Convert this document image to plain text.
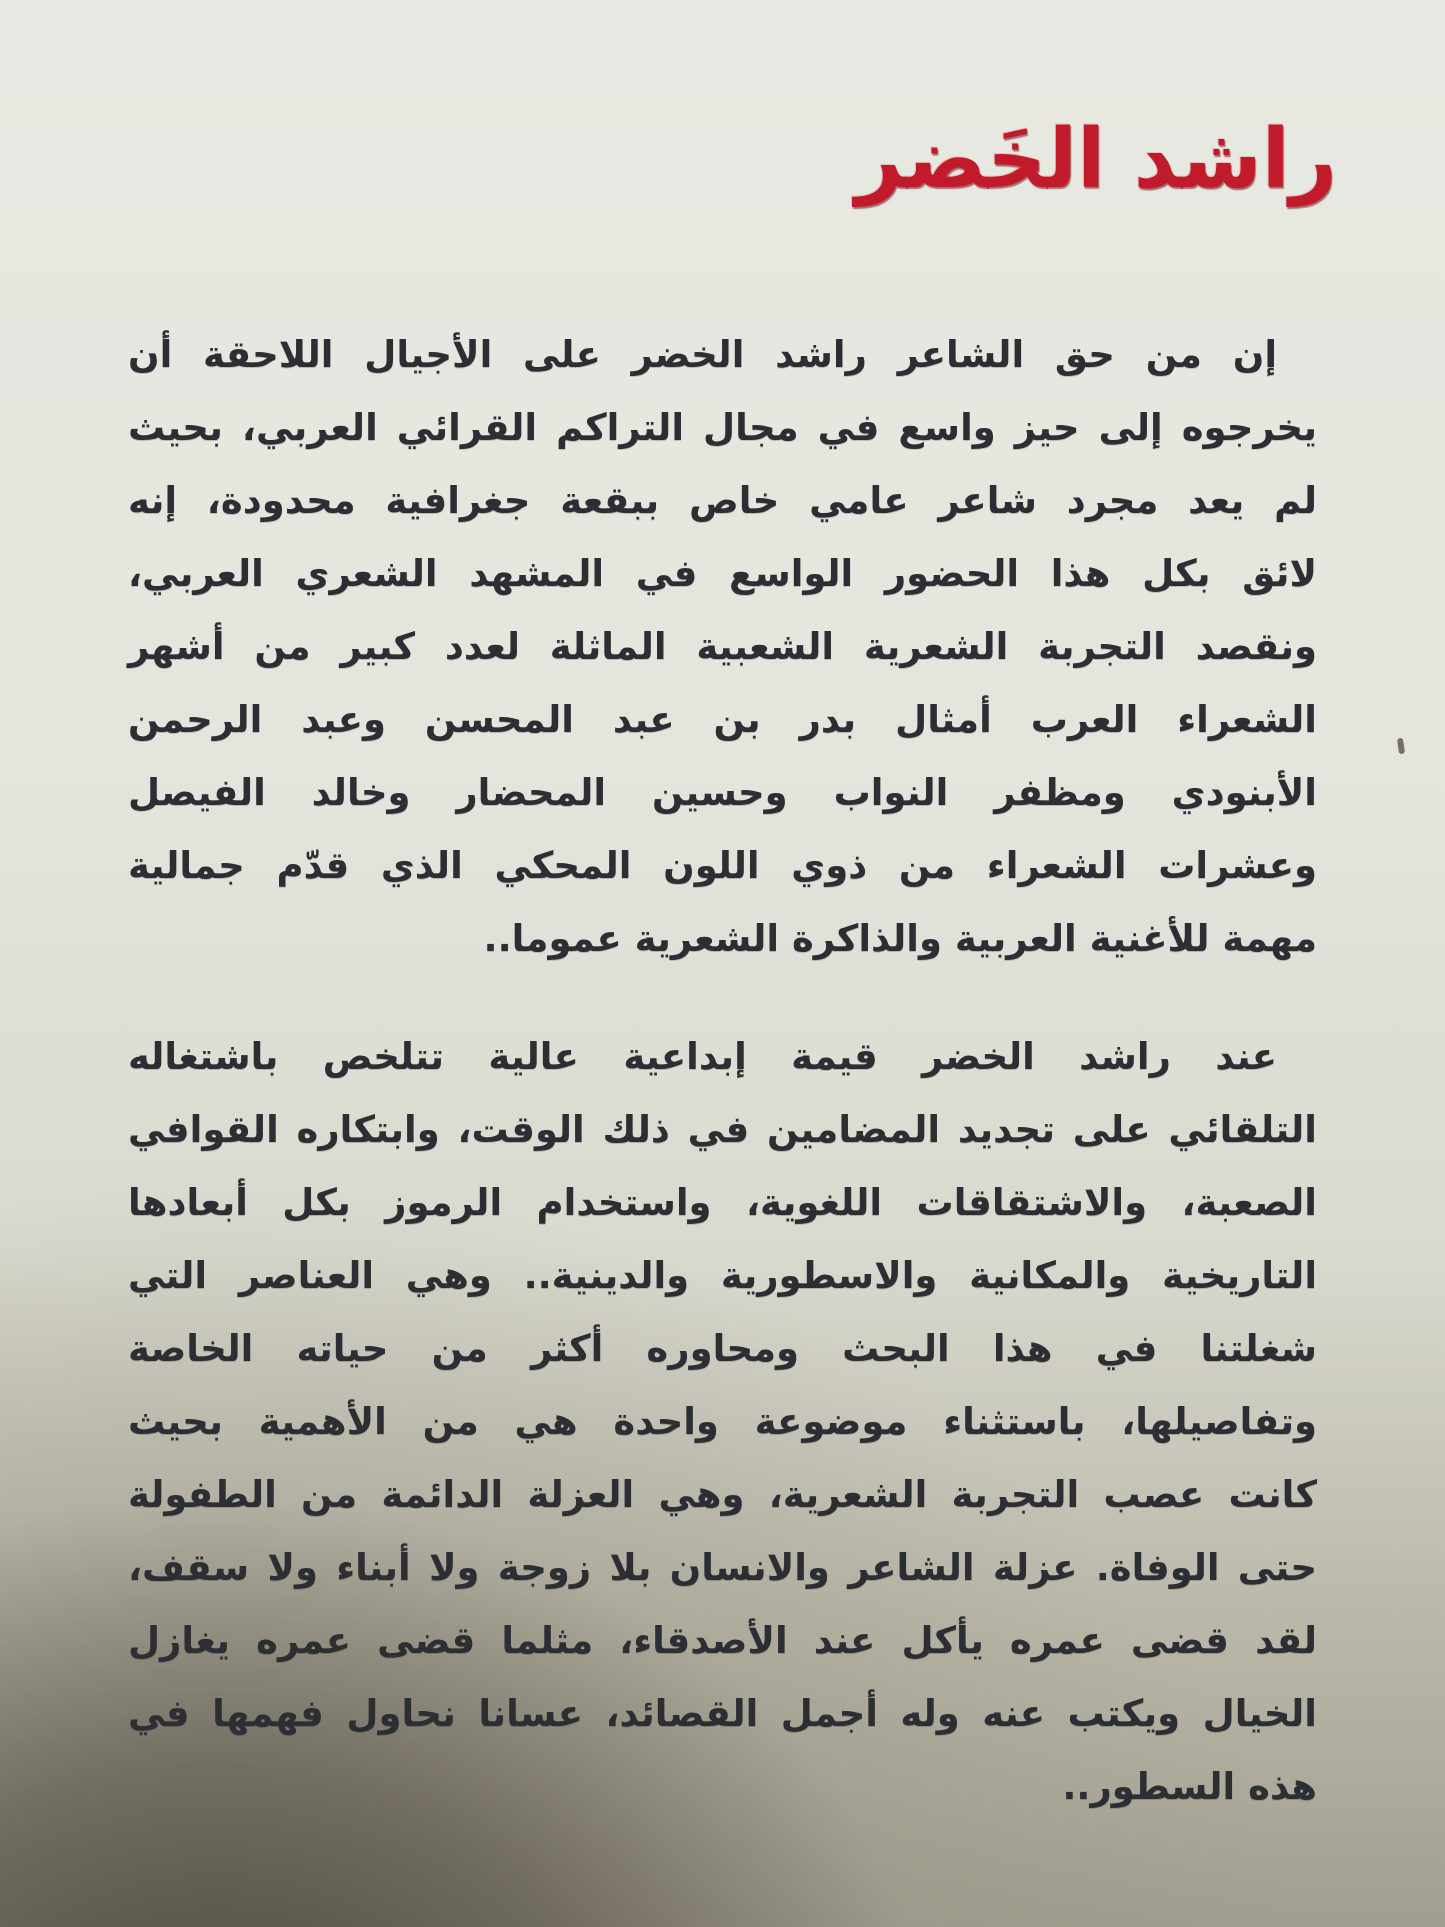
راشد الخَضر
إن من حق الشاعر راشد الخضر على الأجيال اللاحقة أن
يخرجوه إلى حيز واسع في مجال التراكم القرائي العربي، بحيث
لم يعد مجرد شاعر عامي خاص ببقعة جغرافية محدودة، إنه
لائق بكل هذا الحضور الواسع في المشهد الشعري العربي،
ونقصد التجربة الشعرية الشعبية الماثلة لعدد كبير من أشهر
الشعراء العرب أمثال بدر بن عبد المحسن وعبد الرحمن
الأبنودي ومظفر النواب وحسين المحضار وخالد الفيصل
وعشرات الشعراء من ذوي اللون المحكي الذي قدّم جمالية
مهمة للأغنية العربية والذاكرة الشعرية عموما..
عند راشد الخضر قيمة إبداعية عالية تتلخص باشتغاله
التلقائي على تجديد المضامين في ذلك الوقت، وابتكاره القوافي
الصعبة، والاشتقاقات اللغوية، واستخدام الرموز بكل أبعادها
التاريخية والمكانية والاسطورية والدينية.. وهي العناصر التي
شغلتنا في هذا البحث ومحاوره أكثر من حياته الخاصة
وتفاصيلها، باستثناء موضوعة واحدة هي من الأهمية بحيث
كانت عصب التجربة الشعرية، وهي العزلة الدائمة من الطفولة
حتى الوفاة. عزلة الشاعر والانسان بلا زوجة ولا أبناء ولا سقف،
لقد قضى عمره يأكل عند الأصدقاء، مثلما قضى عمره يغازل
الخيال ويكتب عنه وله أجمل القصائد، عسانا نحاول فهمها في
هذه السطور..
